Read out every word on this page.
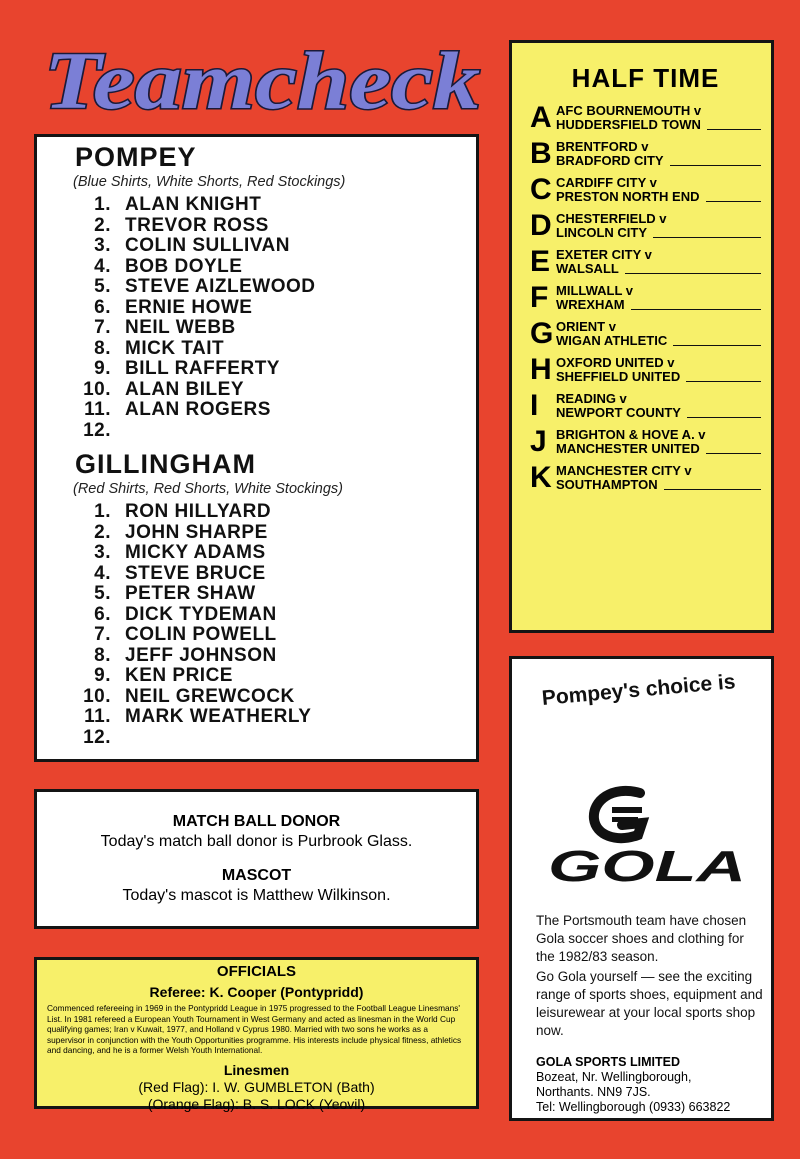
Teamcheck

POMPEY

(Blue Shirts, White Shorts, Red Stockings)

1. ALAN KNIGHT
2. TREVOR ROSS
3. COLIN SULLIVAN
4. BOB DOYLE
5. STEVE AIZLEWOOD
6. ERNIE HOWE
7. NEIL WEBB
8. MICK TAIT
9. BILL RAFFERTY
10. ALAN BILEY
11. ALAN ROGERS
12.

GILLINGHAM

(Red Shirts, Red Shorts, White Stockings)

1. RON HILLYARD
2. JOHN SHARPE
3. MICKY ADAMS
4. STEVE BRUCE
5. PETER SHAW
6. DICK TYDEMAN
7. COLIN POWELL
8. JEFF JOHNSON
9. KEN PRICE
10. NEIL GREWCOCK
11. MARK WEATHERLY
12.

HALF TIME

A AFC BOURNEMOUTH v
HUDDERSFIELD TOWN
B BRENTFORD v
BRADFORD CITY
C CARDIFF CITY v
PRESTON NORTH END
D CHESTERFIELD v
LINCOLN CITY
E EXETER CITY v
WALSALL
F MILLWALL v
WREXHAM
G ORIENT v
WIGAN ATHLETIC
H OXFORD UNITED v
SHEFFIELD UNITED
I	READING v
NEWPORT COUNTY
J BRIGHTON & HOVE A. v
MANCHESTER UNITED
K MANCHESTER CITY v
SOUTHAMPTON

MATCH BALL DONOR

Today's match ball donor is Purbrook Glass.

MASCOT

Today's mascot is Matthew Wilkinson.

OFFICIALS

Referee: K. Cooper (Pontypridd)

Commenced refereeing in 1969 in the Pontypridd League in 1975 progressed to the Football League Linesmans' List. In 1981 refereed a European Youth Tournament in West Germany and acted as linesman in the World Cup qualifying games; Iran v Kuwait, 1977, and Holland v Cyprus 1980. Married with two sons he works as a supervisor in conjunction with the Youth Opportunities programme. His interests include physical fitness, athletics and dancing, and he is a former Welsh Youth International.

Linesmen

(Red Flag): I. W. GUMBLETON (Bath)

(Orange Flag): B. S. LOCK (Yeovil)

Pompey's choice is
GOLA

The Portsmouth team have chosen Gola soccer shoes and clothing for the 1982/83 season.

Go Gola yourself — see the exciting range of sports shoes, equipment and leisurewear at your local sports shop now.

GOLA SPORTS LIMITED
Bozeat, Nr. Wellingborough,
Northants. NN9 7JS.
Tel: Wellingborough (0933) 663822
